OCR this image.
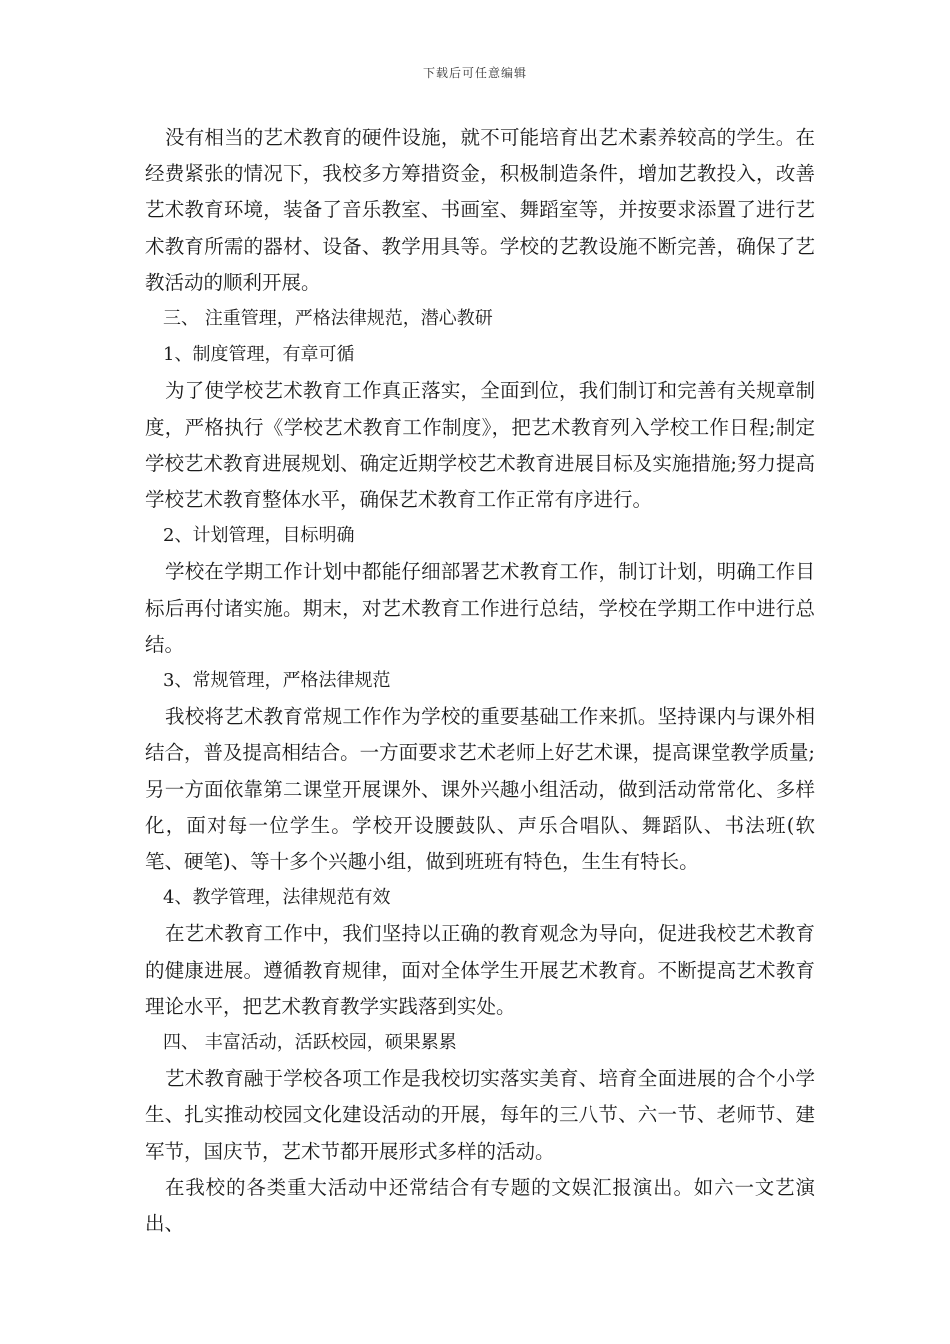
下载后可任意编辑

没有相当的艺术教育的硬件设施，就不可能培育出艺术素养较高的学生。在经费紧张的情况下，我校多方筹措资金，积极制造条件，增加艺教投入，改善艺术教育环境，装备了音乐教室、书画室、舞蹈室等，并按要求添置了进行艺术教育所需的器材、设备、教学用具等。学校的艺教设施不断完善，确保了艺教活动的顺利开展。

三、 注重管理，严格法律规范，潜心教研

1、制度管理，有章可循

为了使学校艺术教育工作真正落实，全面到位，我们制订和完善有关规章制度，严格执行《学校艺术教育工作制度》，把艺术教育列入学校工作日程;制定学校艺术教育进展规划、确定近期学校艺术教育进展目标及实施措施;努力提高学校艺术教育整体水平，确保艺术教育工作正常有序进行。

2、计划管理，目标明确

学校在学期工作计划中都能仔细部署艺术教育工作，制订计划，明确工作目标后再付诸实施。期末，对艺术教育工作进行总结，学校在学期工作中进行总结。

3、常规管理，严格法律规范

我校将艺术教育常规工作作为学校的重要基础工作来抓。坚持课内与课外相结合，普及提高相结合。一方面要求艺术老师上好艺术课，提高课堂教学质量;另一方面依靠第二课堂开展课外、课外兴趣小组活动，做到活动常常化、多样化，面对每一位学生。学校开设腰鼓队、声乐合唱队、舞蹈队、书法班(软笔、硬笔)、等十多个兴趣小组，做到班班有特色，生生有特长。

4、教学管理，法律规范有效

在艺术教育工作中，我们坚持以正确的教育观念为导向，促进我校艺术教育的健康进展。遵循教育规律，面对全体学生开展艺术教育。不断提高艺术教育理论水平，把艺术教育教学实践落到实处。

四、 丰富活动，活跃校园，硕果累累

艺术教育融于学校各项工作是我校切实落实美育、培育全面进展的合个小学生、扎实推动校园文化建设活动的开展，每年的三八节、六一节、老师节、建军节，国庆节，艺术节都开展形式多样的活动。

在我校的各类重大活动中还常结合有专题的文娱汇报演出。如六一文艺演出、
